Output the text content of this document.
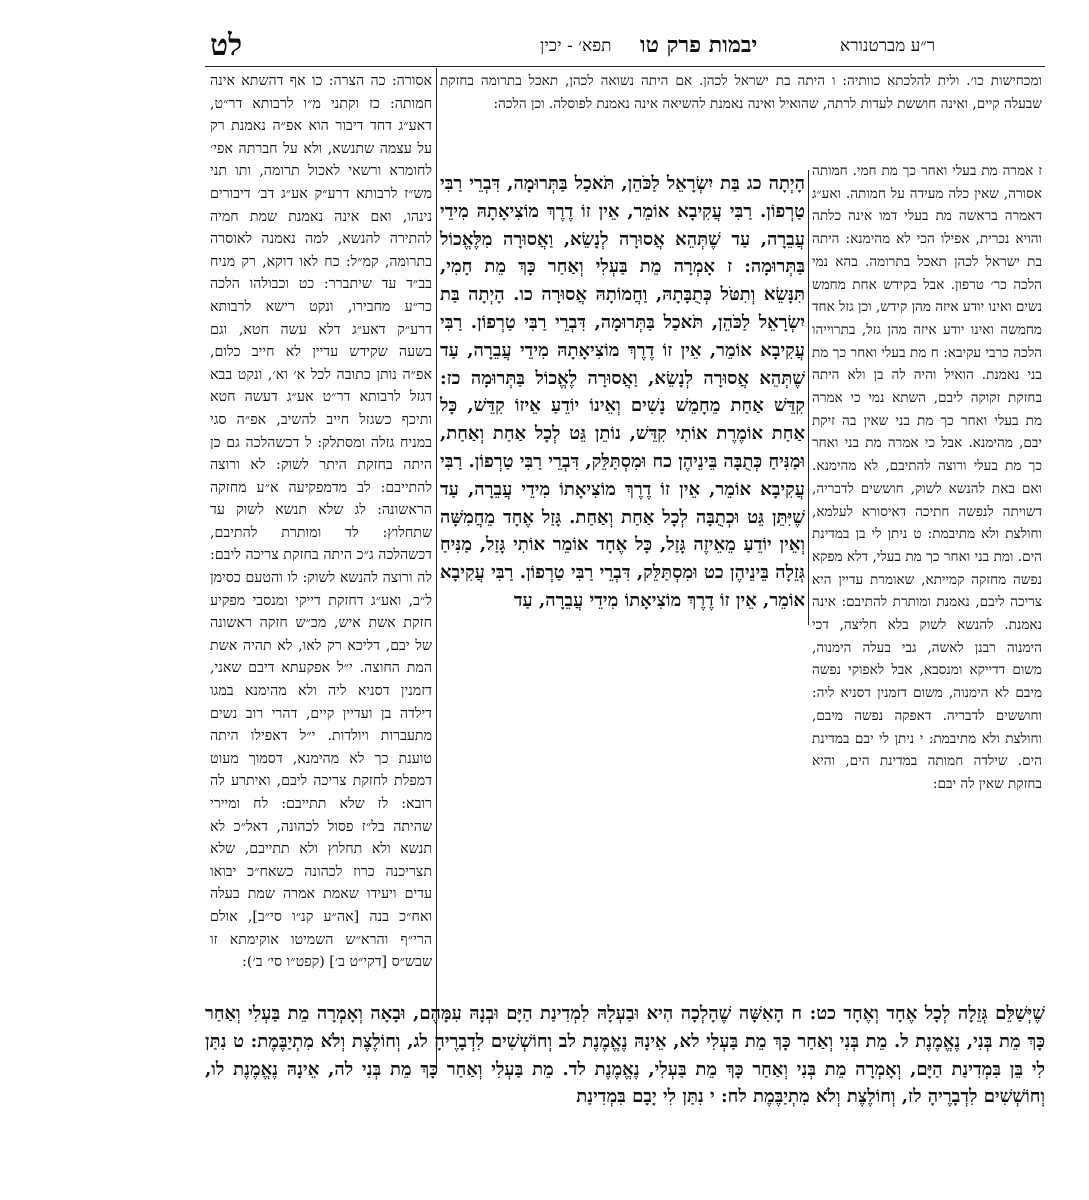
לט	יבמות פרק טו
תפא׳ - יכין	ר״ע מברטנורא

ומכחישות כו׳. ולית להלכתא כוותיה: ו היתה בת ישראל לכהן. אם היתה נשואה לכהן, תאכל בתרומה בחזקת שבעלה קיים, ואינה חוששת לעדות לרתה, שהואיל ואינה נאמנת להשיאה אינה נאמנת לפוסלה. וכן הלכה:

ז אמרה מת בעלי ואחר כך מת חמי. חמותה אסורה, שאין כלה מעידה על חמותה. ואע״ג דאמרה בראשה מת בעלי דמו אינה כלתה והויא נכרית, אפילו הכי לא מהימנא: היתה בת ישראל לכהן תאכל בתרומה. בהא נמי הלכה כר׳ טרפון. אבל בקידש אחת מחמש נשים ואינו יודע איזה מהן קידש, וכן גזל אחד מחמשה ואינו יודע איזה מהן גזל, בתרוייהו הלכה כרבי עקיבא: ח מת בעלי ואחר כך מת בני נאמנת. הואיל והיה לה בן ולא היתה בחזקת זקוקה ליבם, השתא נמי כי אמרה מת בעלי ואחר כך מת בני שאין בה זיקת יבם, מהימנא. אבל כי אמרה מת בני ואחר כך מת בעלי ורוצה להתיבם, לא מהימנא. ואם באת להנשא לשוק, חוששים לדבריה, דשויתה לנפשה חתיכה דאיסורא לעלמא, וחולצת ולא מתיבמת: ט ניתן לי בן במדינת הים. ומת בני ואחר כך מת בעלי, דלא מפקא נפשה מחזקה קמייתא, שאומרת עדיין היא צריכה ליבם, נאמנת ומותרת להתיבם: אינה נאמנת. להנשא לשוק בלא חליצה, דכי הימנוה רבנן לאשה, גבי בעלה הימנוה, משום דדייקא ומנסבא, אבל לאפוקי נפשה מיבם לא הימנוה, משום דזמנין דסניא ליה: וחוששים לדבריה. דאפקה נפשה מיבם, וחולצת ולא מתיבמת: י ניתן לי יבם במדינת הים. שילדה חמותה במדינת הים, והיא בחזקת שאין לה יבם:

אסורה: כה הצרה: כו אף דהשתא אינה חמותה: כז וקתני מ״ו לרבותא דר״ט, דאע״ג דחד דיבור הוא אפ״ה נאמנת רק על עצמה שתנשא, ולא על חברתה אפי׳ לחומרא ורשאי לאכול תרומה, ותו תני מש״ז לרבותא דרע״ק אע״ג דב׳ דיבורים נינהו, ואם אינה נאמנת שמת חמיה להתירה להנשא, למה נאמנה לאוסרה בתרומה, קמ״ל: כח לאו דוקא, רק מניח בב״ד עד שיתברר: כט וכבולהו הלכה כר״ע מחבירו, ונקט רישא לרבותא דרע״ק דאע״ג דלא עשה חטא, וגם בשעה שקידש עדיין לא חייב כלום, אפ״ה נותן כתובה לכל א׳ וא׳, ונקט בבא דגזל לרבותא דר״ט אע״ג דעשה חטא ותיכף כשגזל חייב להשיב, אפ״ה סגי במניח גזלה ומסתלק: ל דכשהלכה גם כן היתה בחזקת היתר לשוק: לא ורוצה להתייבם: לב מדמפקיעה א״ע מחזקה הראשונה: לג שלא תנשא לשוק עד שתחלוץ: לד ומותרת להתיבם, דכשהלכה ג״כ היתה בחזקת צריכה ליבם: לה ורוצה להנשא לשוק: לו והטעם כסימן ל״ב, ואע״ג דחזקת דייקי ומנסבי מפקיע חזקת אשת איש, מכ״ש חזקה ראשונה של יבם, דליכא רק לאו, לא תהיה אשת המת החוצה. י״ל אפקעתא דיבם שאני, דזמנין דסניא ליה ולא מהימנא במגו דילדה בן ועדיין קיים, דהרי רוב נשים מתעברות ויולדות. י״ל דאפילו היתה טוענת כך לא מהימנא, דסמוך מעוט דמפלת לחזקת צריכה ליבם, ואיתרע לה רובא: לז שלא תתייבם: לח ומיירי שהיתה בל״ז פסול לכהונה, דאל״כ לא תנשא ולא תחלוץ ולא תתייבם, שלא תצריכנה כרוז לכהונה כשאח״כ יבואו עדים ויעידו שאמת אמרה שמת בעלה ואח״כ בנה [אה״ע קנ״ו סי״ב], אולם הרי״ף והרא״ש השמיטו אוקימתא זו שבש״ס [דקי״ט ב׳] (קפט״ו סי׳ ב׳):

הָיְתָה כג בַּת יִשְׂרָאֵל לַכֹּהֵן, תֹּאכַל בַּתְּרוּמָה, דִּבְרֵי רַבִּי טַרְפוֹן. רַבִּי עֲקִיבָא אוֹמֵר, אֵין זוֹ דֶרֶךְ מוֹצִיאָתָהּ מִידֵי עֲבֵרָה, עַד שֶׁתְּהֵא אֲסוּרָה לְנָשֵׂא, וַאֲסוּרָה מִלֶּאֱכוֹל בַּתְּרוּמָה: ז אָמְרָה מֵת בַּעְלִי וְאַחַר כָּךְ מֵת חָמִי, תִּנָּשֵׂא וְתִטֹּל כְּתֻבָּתָהּ, וַחֲמוֹתָהּ אֲסוּרָה כו. הָיְתָה בַּת יִשְׂרָאֵל לַכֹּהֵן, תֹּאכַל בַּתְּרוּמָה, דִּבְרֵי רַבִּי טַרְפוֹן. רַבִּי עֲקִיבָא אוֹמֵר, אֵין זוֹ דֶרֶךְ מוֹצִיאָתָהּ מִידֵי עֲבֵרָה, עַד שֶׁתְּהֵא אֲסוּרָה לְנָשֵׂא, וַאֲסוּרָה לֶאֱכוֹל בַּתְּרוּמָה כז: קִדֵּשׁ אַחַת מֵחָמֵשׁ נָשִׁים וְאֵינוֹ יוֹדֵעַ אֵיזוֹ קִדֵּשׁ, כָּל אַחַת אוֹמֶרֶת אוֹתִי קִדֵּשׁ, נוֹתֵן גֵּט לְכָל אַחַת וְאַחַת, וּמַנִּיחַ כְּתֻבָּה בֵּינֵיהֶן כח וּמִסְתַּלֵּק, דִּבְרֵי רַבִּי טַרְפוֹן. רַבִּי עֲקִיבָא אוֹמֵר, אֵין זוֹ דֶרֶךְ מוֹצִיאָתוֹ מִידֵי עֲבֵרָה, עַד שֶׁיִּתֵּן גֵּט וּכְתֻבָּה לְכָל אַחַת וְאַחַת. גָּזַל אֶחָד מֵחֲמִשָּׁה וְאֵין יוֹדֵעַ מֵאֵיזֶה גָּזַל, כָּל אֶחָד אוֹמֵר אוֹתִי גָּזַל, מַנִּיחַ גְּזֵלָה בֵּינֵיהֶן כט וּמִסְתַּלֵּק, דִּבְרֵי רַבִּי טַרְפוֹן. רַבִּי עֲקִיבָא אוֹמֵר, אֵין זוֹ דֶרֶךְ מוֹצִיאָתוֹ מִידֵי עֲבֵרָה, עַד

שֶׁיְּשַׁלֵּם גְּזֵלָה לְכָל אֶחָד וְאֶחָד כט: ח הָאִשָּׁה שֶׁהָלְכָה הִיא וּבַעְלָהּ לִמְדִינַת הַיָּם וּבְנָהּ עִמָּהֶם, וּבָאָה וְאָמְרָה מֵת בַּעְלִי וְאַחַר כָּךְ מֵת בְּנִי, נֶאֱמֶנֶת ל. מֵת בְּנִי וְאַחַר כָּךְ מֵת בַּעְלִי לא, אֵינָהּ נֶאֱמֶנֶת לב וְחוֹשְׁשִׁים לִדְבָרֶיהָ לג, וְחוֹלֶצֶת וְלֹא מִתְיַבֶּמֶת: ט נִתַּן לִי בֵּן בִּמְדִינַת הַיָּם, וְאָמְרָה מֵת בְּנִי וְאַחַר כָּךְ מֵת בַּעְלִי, נֶאֱמֶנֶת לד. מֵת בַּעְלִי וְאַחַר כָּךְ מֵת בְּנִי לה, אֵינָהּ נֶאֱמֶנֶת לו, וְחוֹשְׁשִׁים לִדְבָרֶיהָ לז, וְחוֹלֶצֶת וְלֹא מִתְיַבֶּמֶת לח: י נִתַּן לִי יָבָם בִּמְדִינַת
